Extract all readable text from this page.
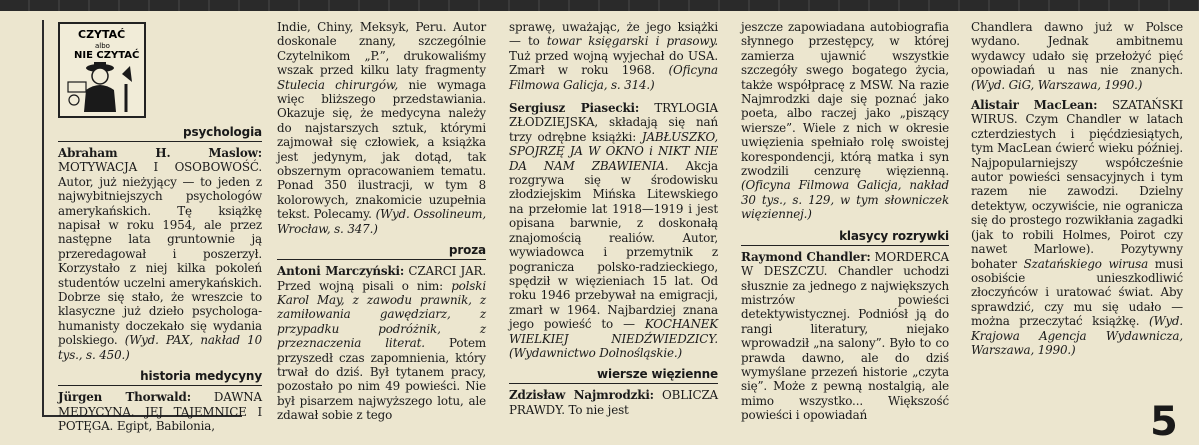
CZYTAĆ
albo
NIE CZYTAĆ
psychologia

Abraham H. Maslow: MOTYWACJA I OSOBOWOŚĆ. Autor, już nieżyjący — to jeden z najwybitniejszych psychologów amerykańskich. Tę książkę napisał w roku 1954, ale przez następne lata gruntownie ją przeredagował i poszerzył. Korzystało z niej kilka pokoleń studentów uczelni amerykańskich. Dobrze się stało, że wreszcie to klasyczne już dzieło psychologa-humanisty doczekało się wydania polskiego. (Wyd. PAX, nakład 10 tys., s. 450.)

historia medycyny

Jürgen Thorwald: DAWNA MEDYCYNA. JEJ TAJEMNICE I POTĘGA. Egipt, Babilonia,

Indie, Chiny, Meksyk, Peru. Autor doskonale znany, szczególnie Czytelnikom „P.”, drukowaliśmy wszak przed kilku laty fragmenty Stulecia chirurgów, nie wymaga więc bliższego przedstawiania. Okazuje się, że medycyna należy do najstarszych sztuk, którymi zajmował się człowiek, a książka jest jedynym, jak dotąd, tak obszernym opracowaniem tematu. Ponad 350 ilustracji, w tym 8 kolorowych, znakomicie uzupełnia tekst. Polecamy. (Wyd. Ossolineum, Wrocław, s. 347.)

proza

Antoni Marczyński: CZARCI JAR. Przed wojną pisali o nim: polski Karol May, z zawodu prawnik, z zamiłowania gawędziarz, z przypadku podróżnik, z przeznaczenia literat. Potem przyszedł czas zapomnienia, który trwał do dziś. Był tytanem pracy, pozostało po nim 49 powieści. Nie był pisarzem najwyższego lotu, ale zdawał sobie z tego

sprawę, uważając, że jego książki — to towar księgarski i prasowy. Tuż przed wojną wyjechał do USA. Zmarł w roku 1968. (Oficyna Filmowa Galicja, s. 314.)

Sergiusz Piasecki: TRYLOGIA ZŁODZIEJSKA, składają się nań trzy odrębne książki: JABŁUSZKO, SPOJRZĘ JA W OKNO i NIKT NIE DA NAM ZBAWIENIA. Akcja rozgrywa się w środowisku złodziejskim Mińska Litewskiego na przełomie lat 1918—1919 i jest opisana barwnie, z doskonałą znajomością realiów. Autor, wywiadowca i przemytnik z pogranicza polsko-radzieckiego, spędził w więzieniach 15 lat. Od roku 1946 przebywał na emigracji, zmarł w 1964. Najbardziej znana jego powieść to — KOCHANEK WIELKIEJ NIEDŹWIEDZICY. (Wydawnictwo Dolnośląskie.)

wiersze więzienne

Zdzisław Najmrodzki: OBLICZA PRAWDY. To nie jest

jeszcze zapowiadana autobiografia słynnego przestępcy, w której zamierza ujawnić wszystkie szczegóły swego bogatego życia, także współpracę z MSW. Na razie Najmrodzki daje się poznać jako poeta, albo raczej jako „piszący wiersze”. Wiele z nich w okresie uwięzienia spełniało rolę swoistej korespondencji, którą matka i syn zwodzili cenzurę więzienną. (Oficyna Filmowa Galicja, nakład 30 tys., s. 129, w tym słowniczek więziennej.)

klasycy rozrywki

Raymond Chandler: MORDERCA W DESZCZU. Chandler uchodzi słusznie za jednego z największych mistrzów powieści detektywistycznej. Podniósł ją do rangi literatury, niejako wprowadził „na salony”. Było to co prawda dawno, ale do dziś wymyślane przezeń historie „czyta się”. Może z pewną nostalgią, ale mimo wszystko... Większość powieści i opowiadań

Chandlera dawno już w Polsce wydano. Jednak ambitnemu wydawcy udało się przełożyć pięć opowiadań u nas nie znanych. (Wyd. GiG, Warszawa, 1990.)

Alistair MacLean: SZATAŃSKI WIRUS. Czym Chandler w latach czterdziestych i pięćdziesiątych, tym MacLean ćwierć wieku później. Najpopularniejszy współcześnie autor powieści sensacyjnych i tym razem nie zawodzi. Dzielny detektyw, oczywiście, nie ogranicza się do prostego rozwikłania zagadki (jak to robili Holmes, Poirot czy nawet Marlowe). Pozytywny bohater Szatańskiego wirusa musi osobiście unieszkodliwić złoczyńców i uratować świat. Aby sprawdzić, czy mu się udało — można przeczytać książkę. (Wyd. Krajowa Agencja Wydawnicza, Warszawa, 1990.)

5
